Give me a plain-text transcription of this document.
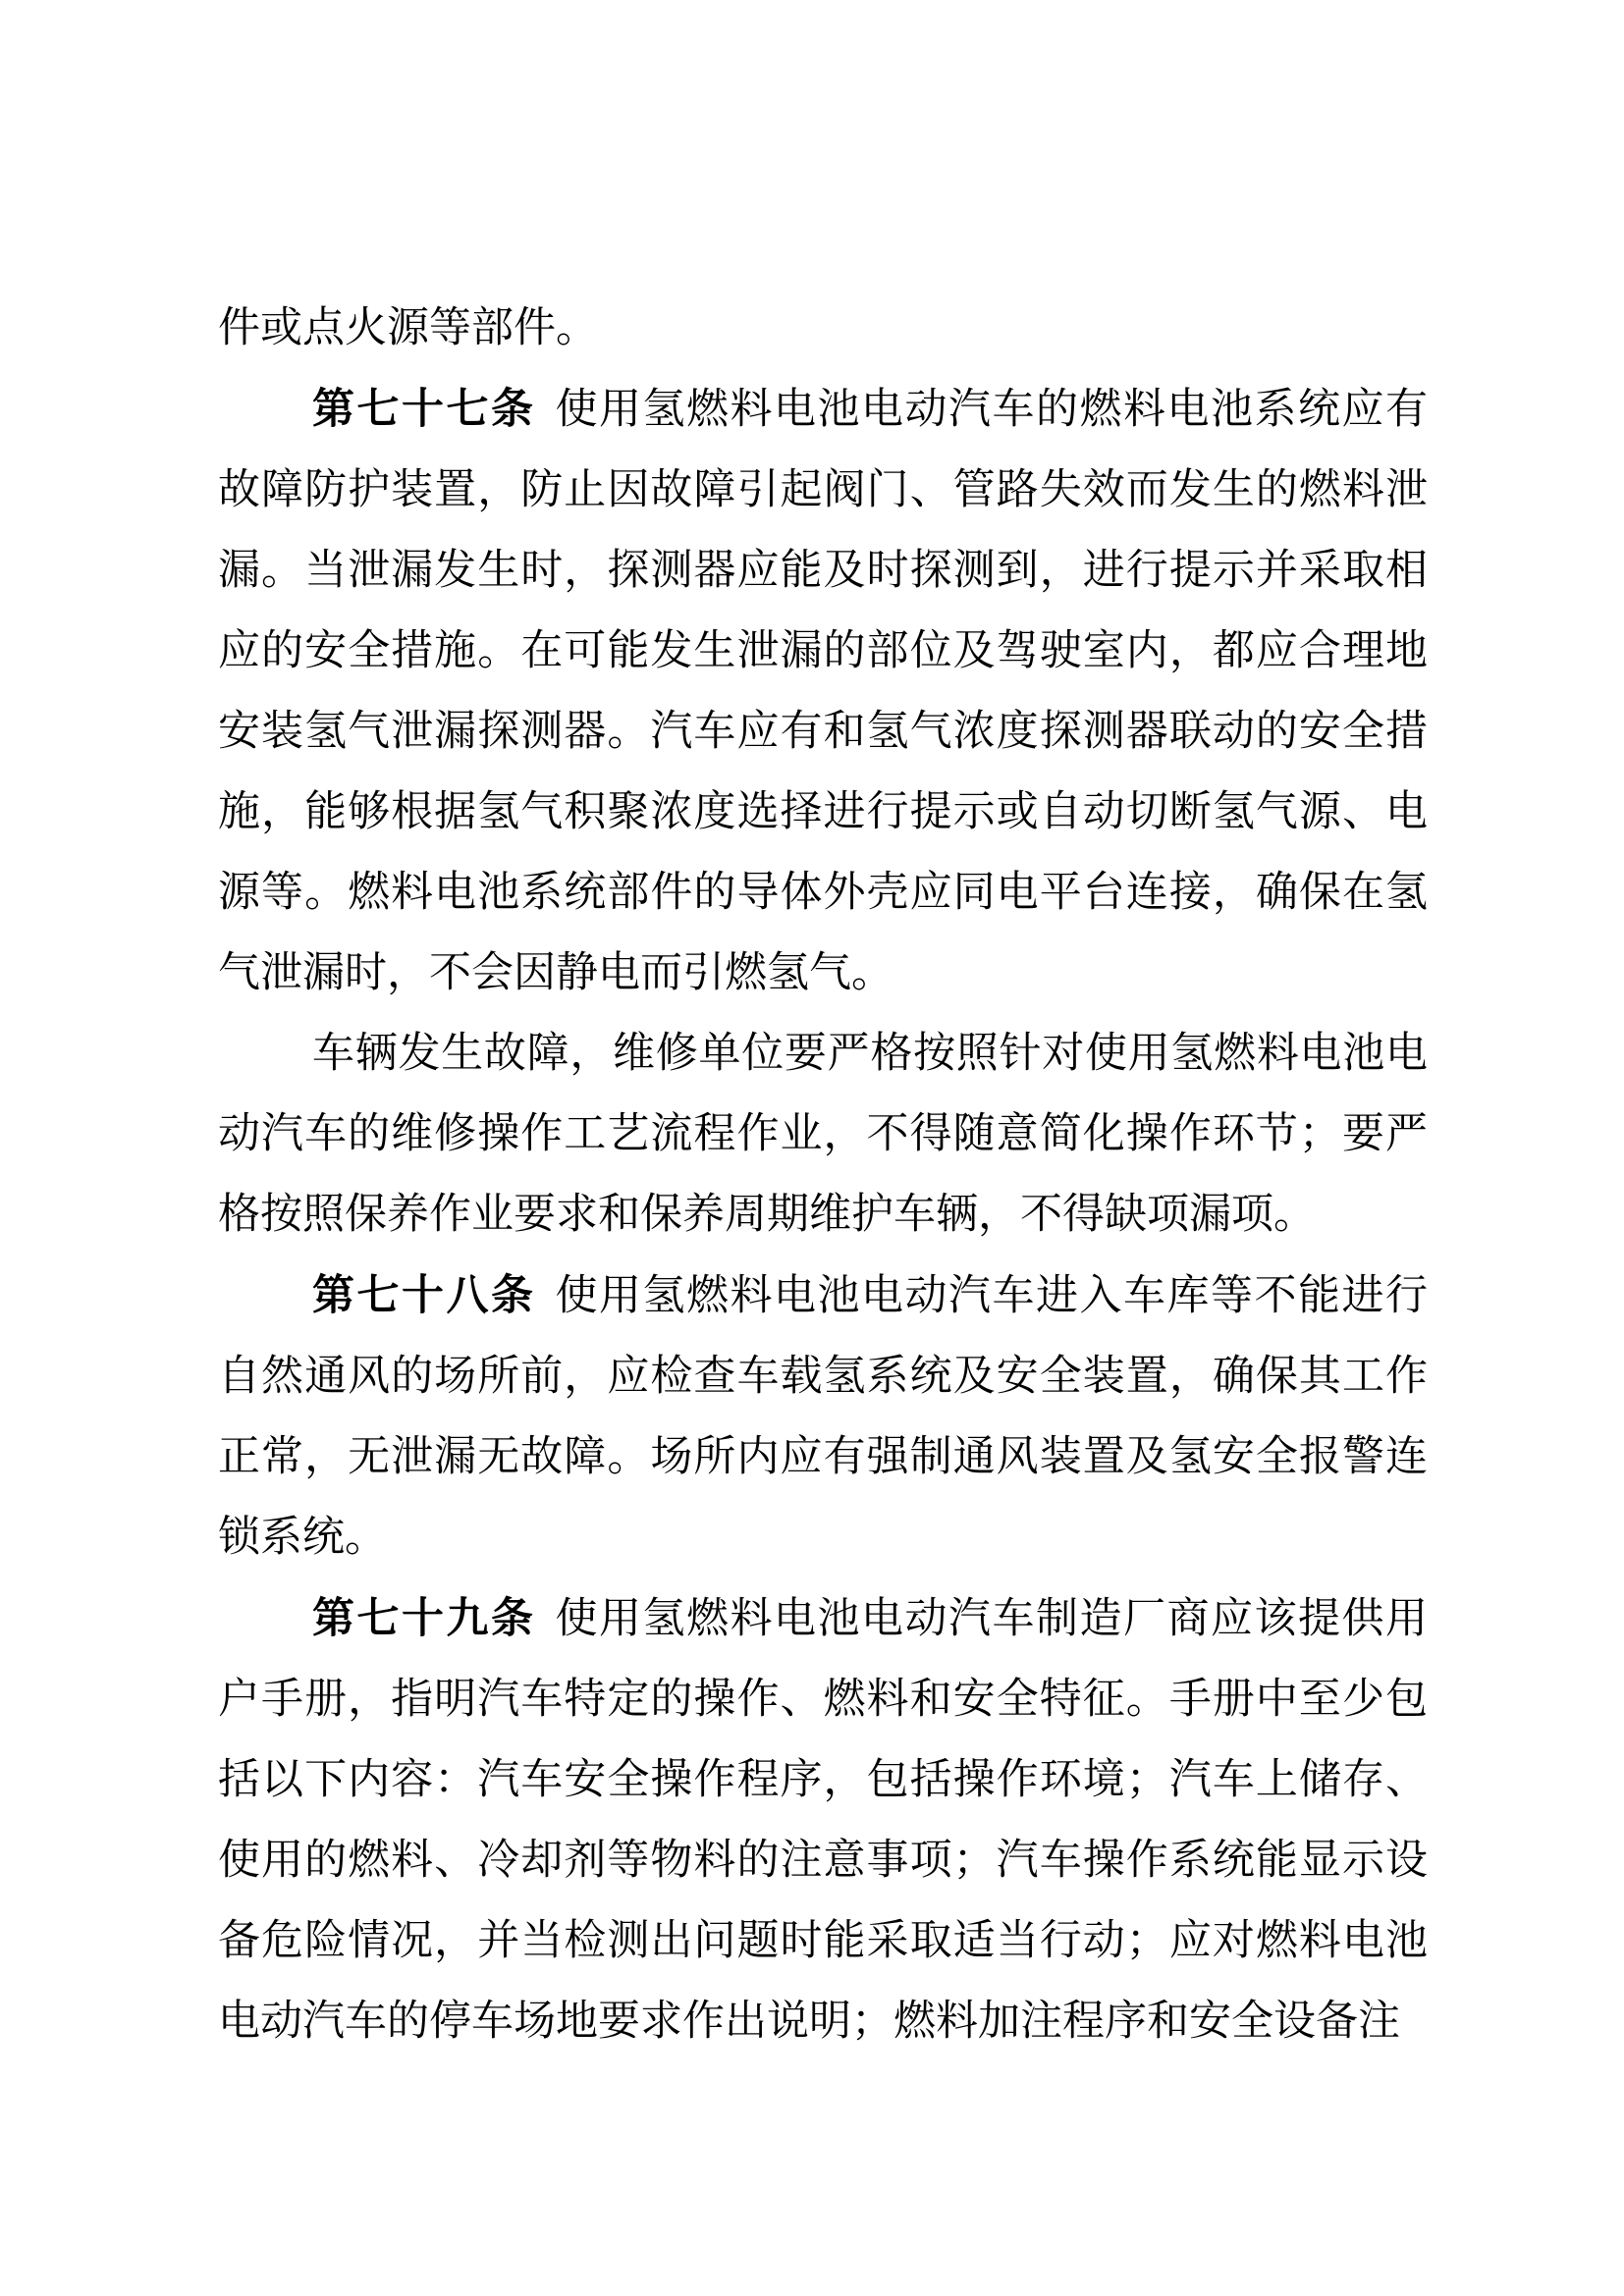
件或点火源等部件。

第七十七条 使用氢燃料电池电动汽车的燃料电池系统应有故障防护装置，防止因故障引起阀门、管路失效而发生的燃料泄漏。当泄漏发生时，探测器应能及时探测到，进行提示并采取相应的安全措施。在可能发生泄漏的部位及驾驶室内，都应合理地安装氢气泄漏探测器。汽车应有和氢气浓度探测器联动的安全措施，能够根据氢气积聚浓度选择进行提示或自动切断氢气源、电源等。燃料电池系统部件的导体外壳应同电平台连接，确保在氢气泄漏时，不会因静电而引燃氢气。

车辆发生故障，维修单位要严格按照针对使用氢燃料电池电动汽车的维修操作工艺流程作业，不得随意简化操作环节；要严格按照保养作业要求和保养周期维护车辆，不得缺项漏项。

第七十八条 使用氢燃料电池电动汽车进入车库等不能进行自然通风的场所前，应检查车载氢系统及安全装置，确保其工作正常，无泄漏无故障。场所内应有强制通风装置及氢安全报警连锁系统。

第七十九条 使用氢燃料电池电动汽车制造厂商应该提供用户手册，指明汽车特定的操作、燃料和安全特征。手册中至少包括以下内容：汽车安全操作程序，包括操作环境；汽车上储存、使用的燃料、冷却剂等物料的注意事项；汽车操作系统能显示设备危险情况，并当检测出问题时能采取适当行动；应对燃料电池电动汽车的停车场地要求作出说明；燃料加注程序和安全设备注
